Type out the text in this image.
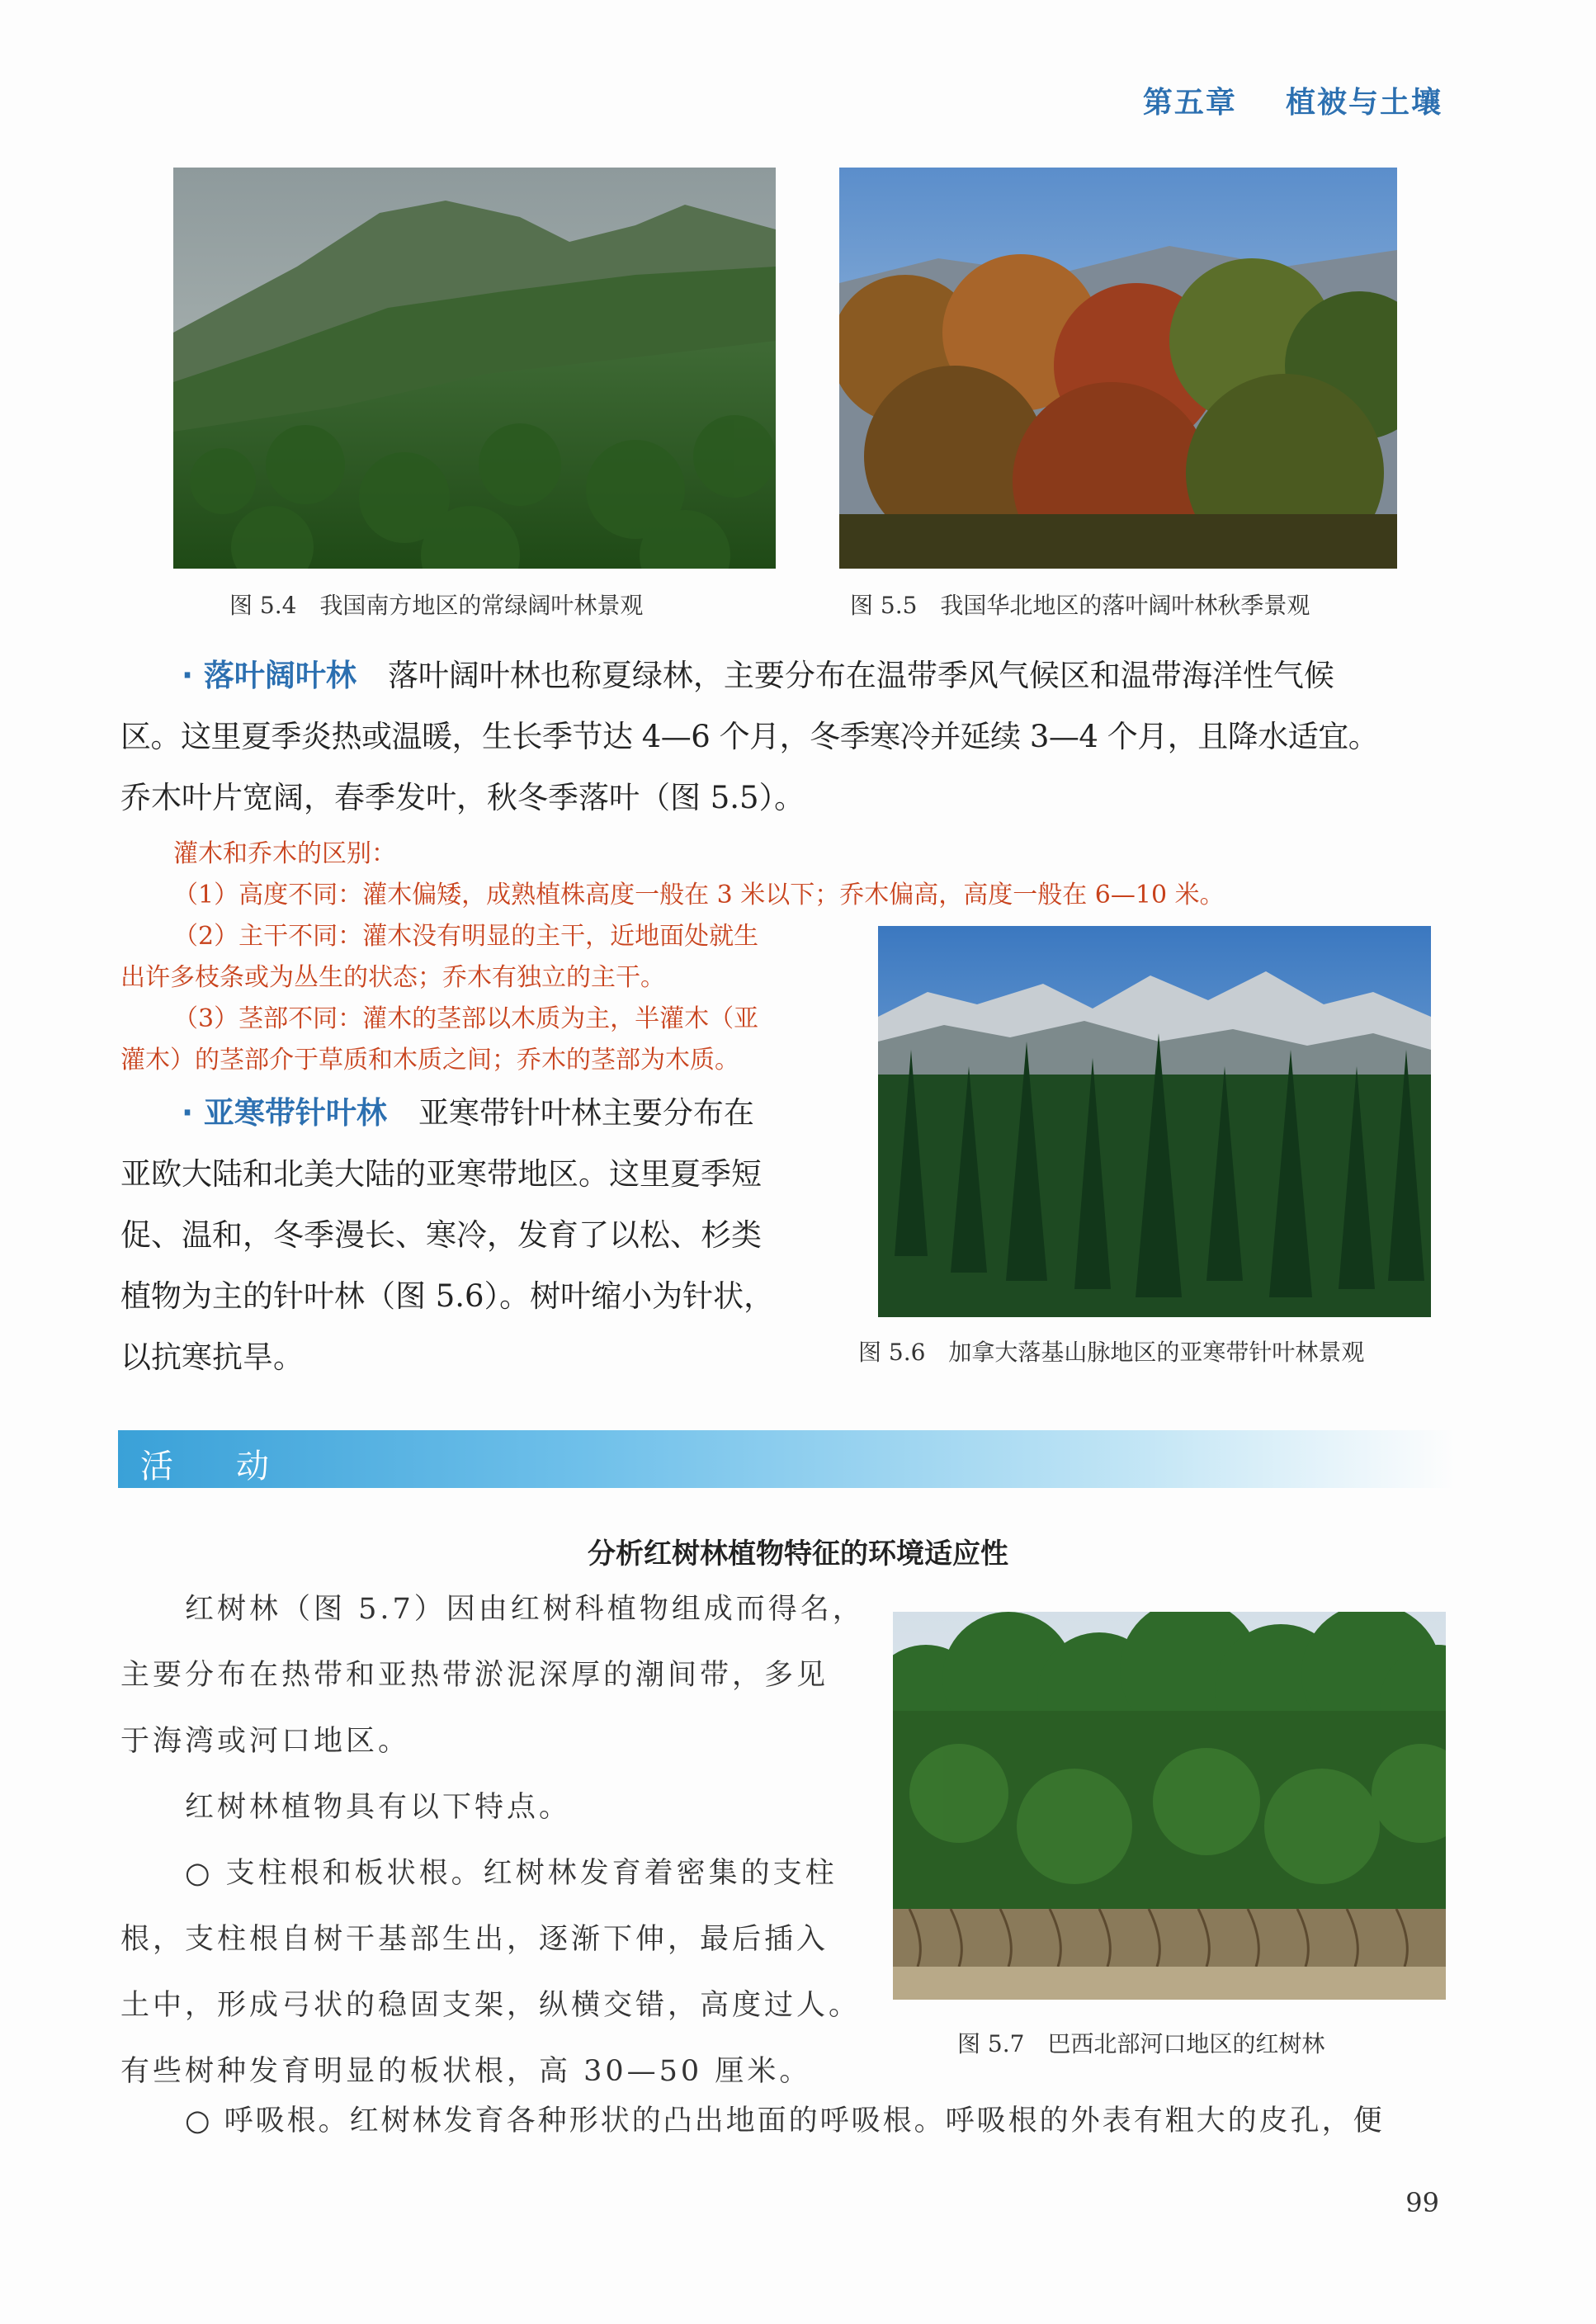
第五章 植被与土壤
图 5.4　我国南方地区的常绿阔叶林景观	图 5.5　我国华北地区的落叶阔叶林秋季景观

· 落叶阔叶林 落叶阔叶林也称夏绿林，主要分布在温带季风气候区和温带海洋性气候

区。这里夏季炎热或温暖，生长季节达 4—6 个月，冬季寒冷并延续 3—4 个月，且降水适宜。

乔木叶片宽阔，春季发叶，秋冬季落叶（图 5.5）。

灌木和乔木的区别：

（1）高度不同：灌木偏矮，成熟植株高度一般在 3 米以下；乔木偏高，高度一般在 6—10 米。

（2）主干不同：灌木没有明显的主干，近地面处就生

出许多枝条或为丛生的状态；乔木有独立的主干。

（3）茎部不同：灌木的茎部以木质为主，半灌木（亚

灌木）的茎部介于草质和木质之间；乔木的茎部为木质。

图 5.6　加拿大落基山脉地区的亚寒带针叶林景观

· 亚寒带针叶林 亚寒带针叶林主要分布在

亚欧大陆和北美大陆的亚寒带地区。这里夏季短

促、温和，冬季漫长、寒冷，发育了以松、杉类

植物为主的针叶林（图 5.6）。树叶缩小为针状，

以抗寒抗旱。

活　动
分析红树林植物特征的环境适应性
图 5.7　巴西北部河口地区的红树林

红树林（图 5.7）因由红树科植物组成而得名，

主要分布在热带和亚热带淤泥深厚的潮间带，多见

于海湾或河口地区。

红树林植物具有以下特点。

○ 支柱根和板状根。红树林发育着密集的支柱

根，支柱根自树干基部生出，逐渐下伸，最后插入

土中，形成弓状的稳固支架，纵横交错，高度过人。

有些树种发育明显的板状根，高 30—50 厘米。

○ 呼吸根。红树林发育各种形状的凸出地面的呼吸根。呼吸根的外表有粗大的皮孔，便
99
